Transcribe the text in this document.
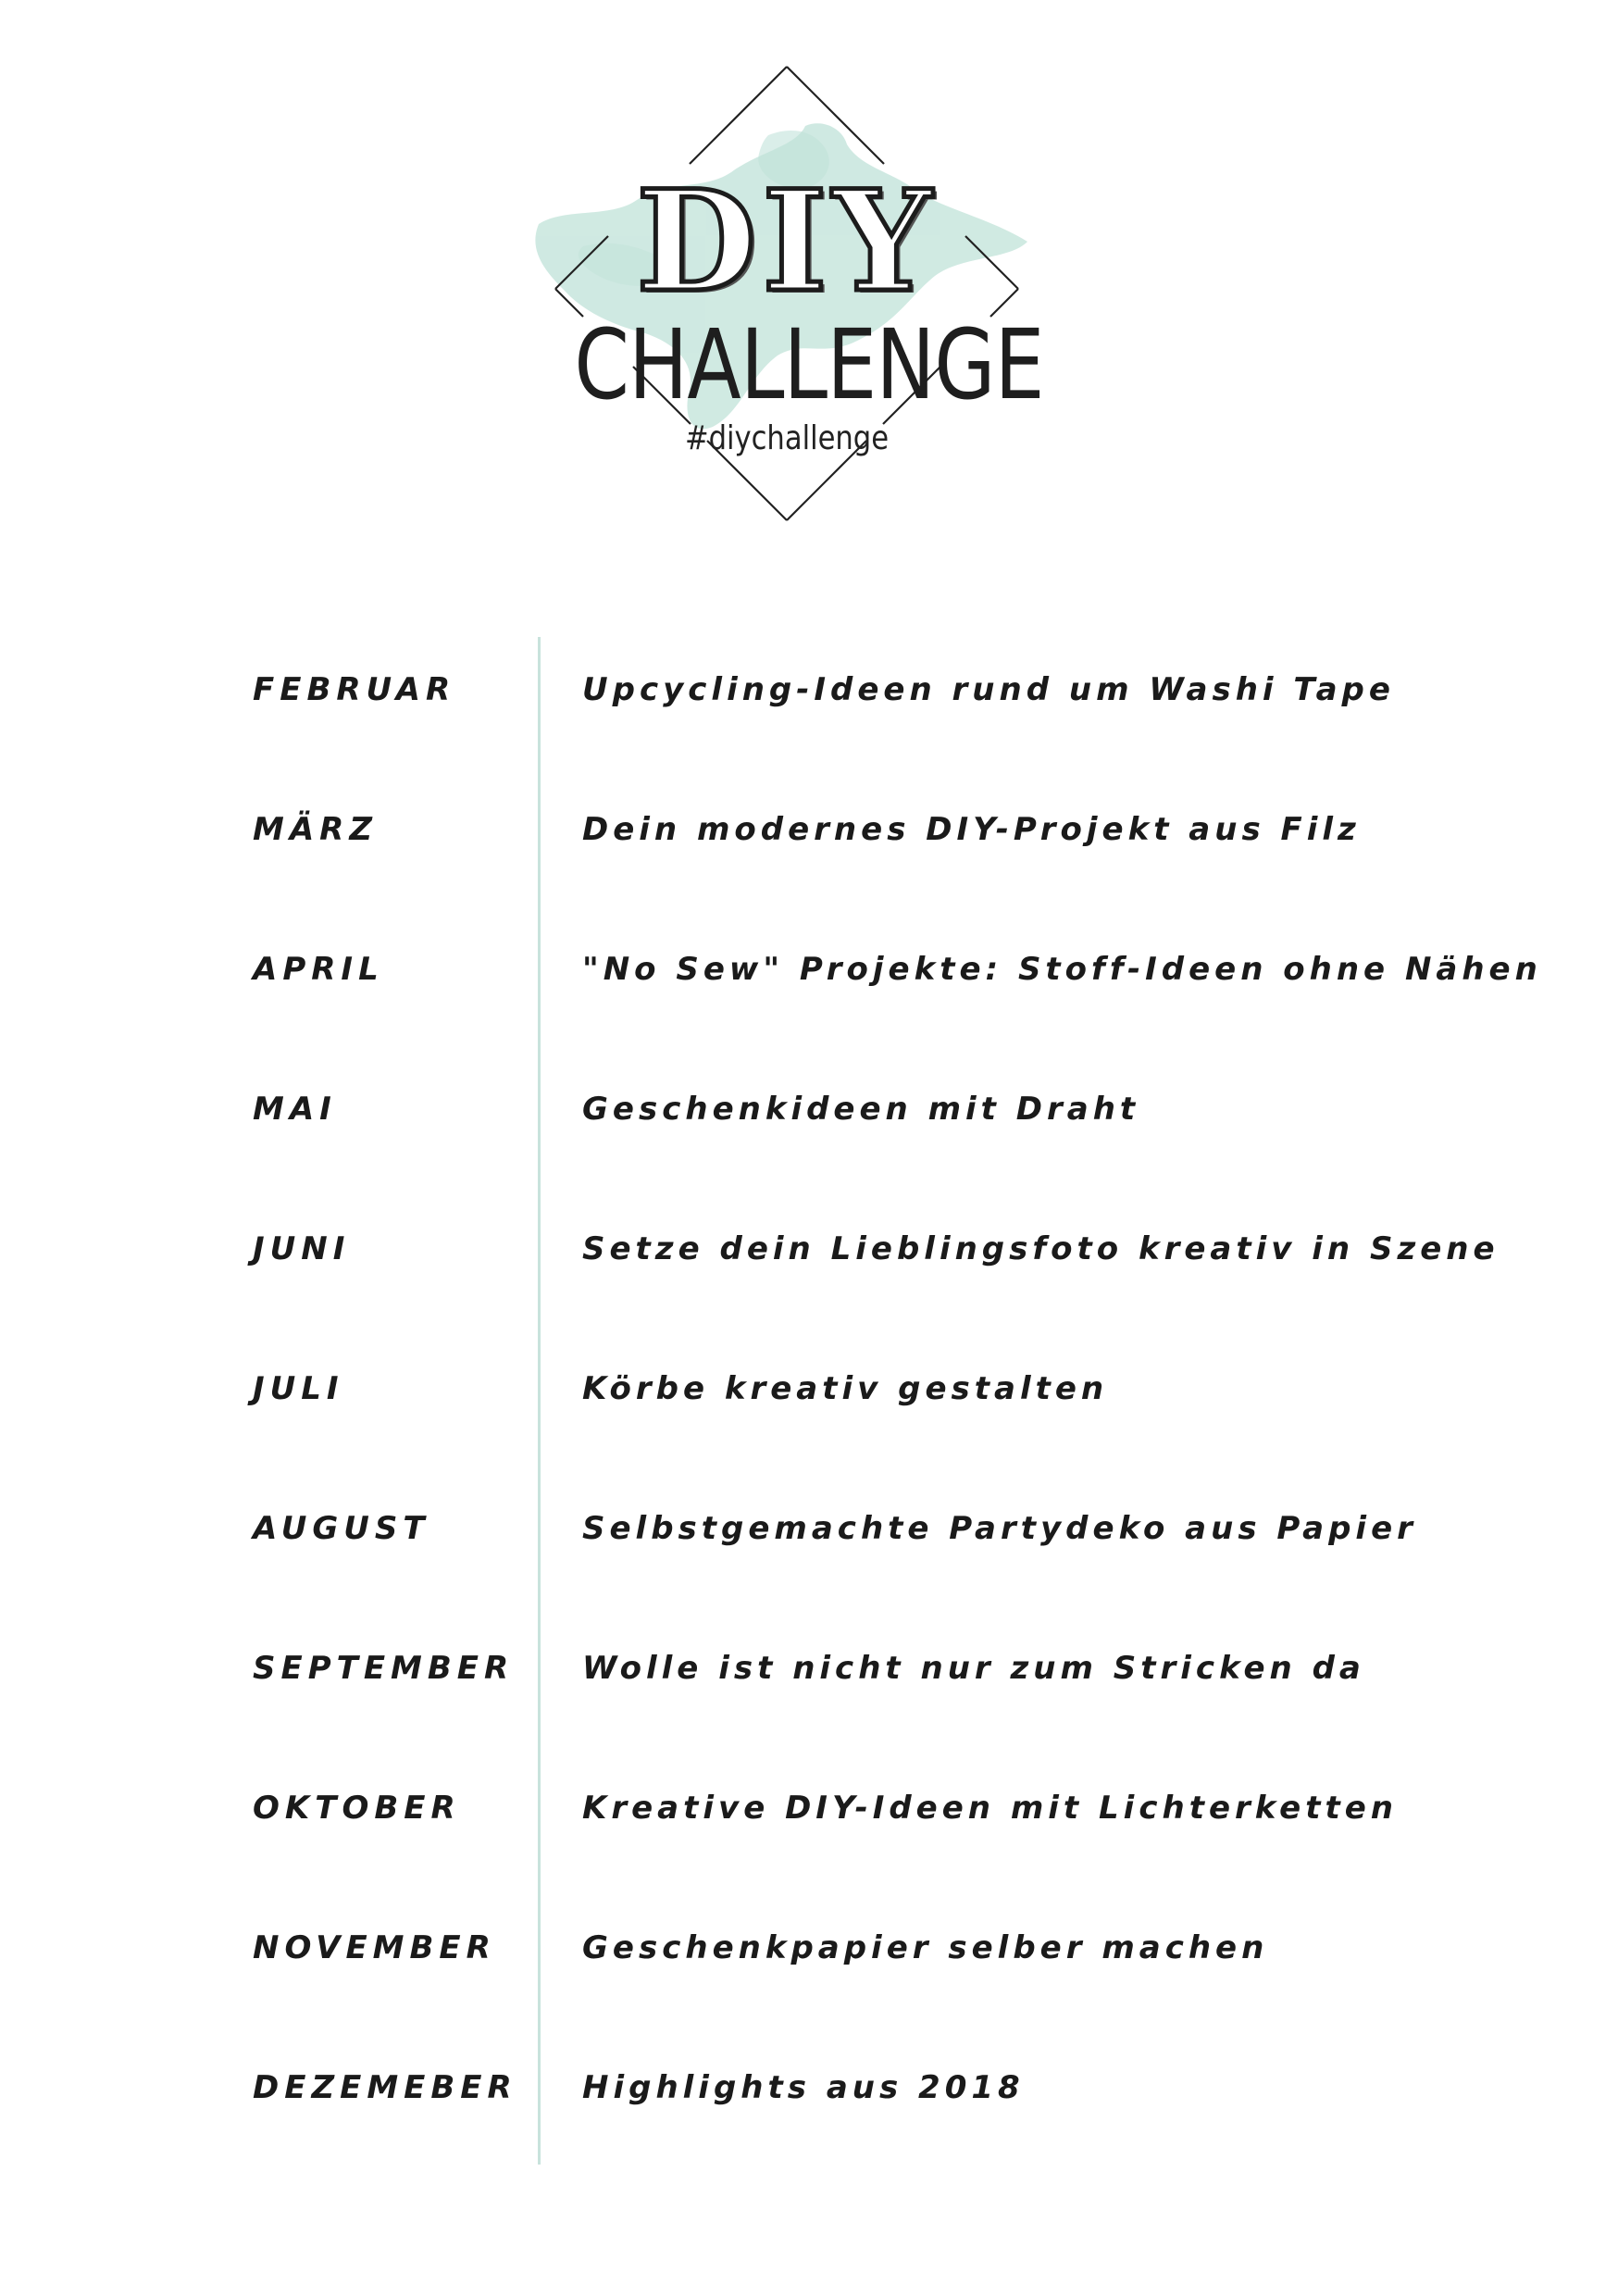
DIY

CHALLENGE

#diychallenge

FEBRUAR	Upcycling-Ideen rund um Washi Tape
MÄRZ	Dein modernes DIY-Projekt aus Filz
APRIL	"No Sew" Projekte: Stoff-Ideen ohne Nähen
MAI	Geschenkideen mit Draht
JUNI	Setze dein Lieblingsfoto kreativ in Szene
JULI	Körbe kreativ gestalten
AUGUST	Selbstgemachte Partydeko aus Papier
SEPTEMBER Wolle ist nicht nur zum Stricken da
OKTOBER	Kreative DIY-Ideen mit Lichterketten
NOVEMBER	Geschenkpapier selber machen
DEZEMEBER Highlights aus 2018
